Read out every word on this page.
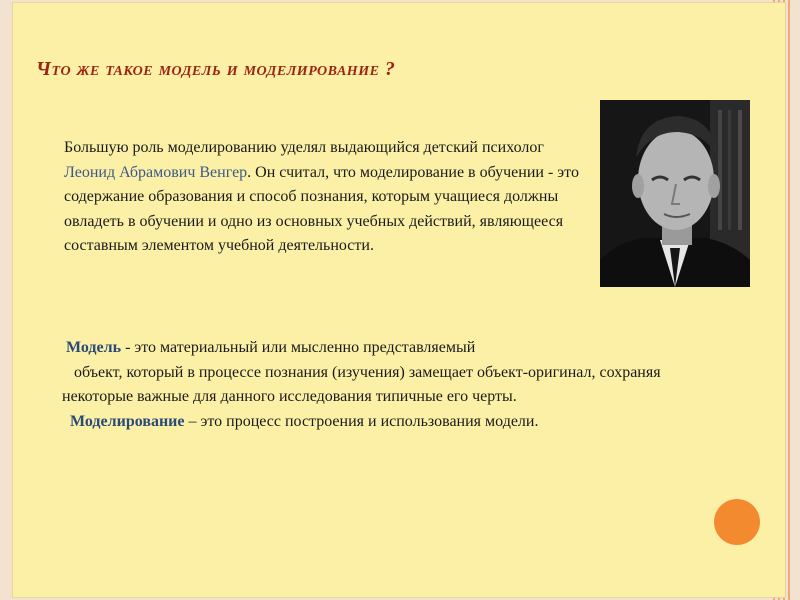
Что же такое модель и моделирование ?
Большую роль моделированию уделял выдающийся детский психолог Леонид Абрамович Венгер. Он считал, что моделирование в обучении - это содержание образования и способ познания, которым учащиеся должны овладеть в обучении и одно из основных учебных действий, являющееся составным элементом учебной деятельности.
Модель - это материальный или мысленно представляемый
объект, который в процессе познания (изучения) замещает объект-оригинал, сохраняя некоторые важные для данного исследования типичные его черты.
Моделирование – это процесс построения и использования модели.
